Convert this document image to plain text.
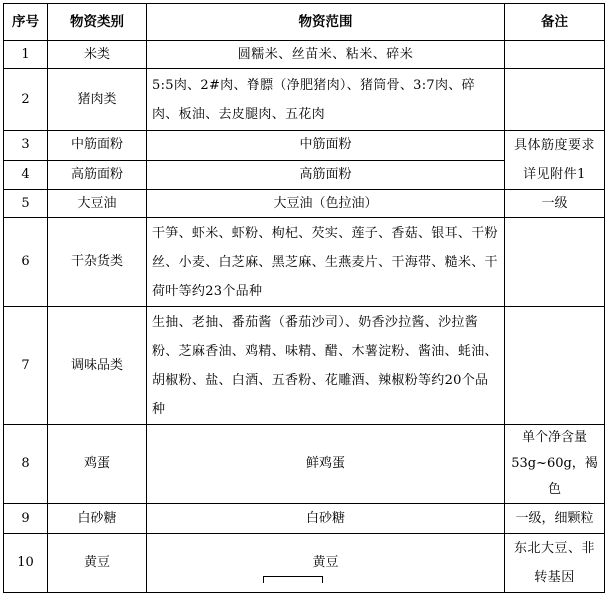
序号	物资类别	物资范围	备注
1	米类	圆糯米、丝苗米、粘米、碎米	
2	猪肉类	5:5肉、2#肉、脊膘（净肥猪肉）、猪筒骨、3:7肉、碎肉、板油、去皮腿肉、五花肉	
3	中筋面粉	中筋面粉	具体筋度要求详见附件1
4	高筋面粉	高筋面粉	
5	大豆油	大豆油（色拉油）	一级
6	干杂货类	干笋、虾米、虾粉、枸杞、芡实、莲子、香菇、银耳、干粉丝、小麦、白芝麻、黑芝麻、生燕麦片、干海带、糙米、干荷叶等约23个品种	
7	调味品类	生抽、老抽、番茄酱（番茄沙司）、奶香沙拉酱、沙拉酱粉、芝麻香油、鸡精、味精、醋、木薯淀粉、酱油、蚝油、胡椒粉、盐、白酒、五香粉、花雕酒、辣椒粉等约20个品种	
8	鸡蛋	鲜鸡蛋	单个净含量53g~60g，褐色
9	白砂糖	白砂糖	一级，细颗粒
10	黄豆	黄豆	东北大豆、非转基因
